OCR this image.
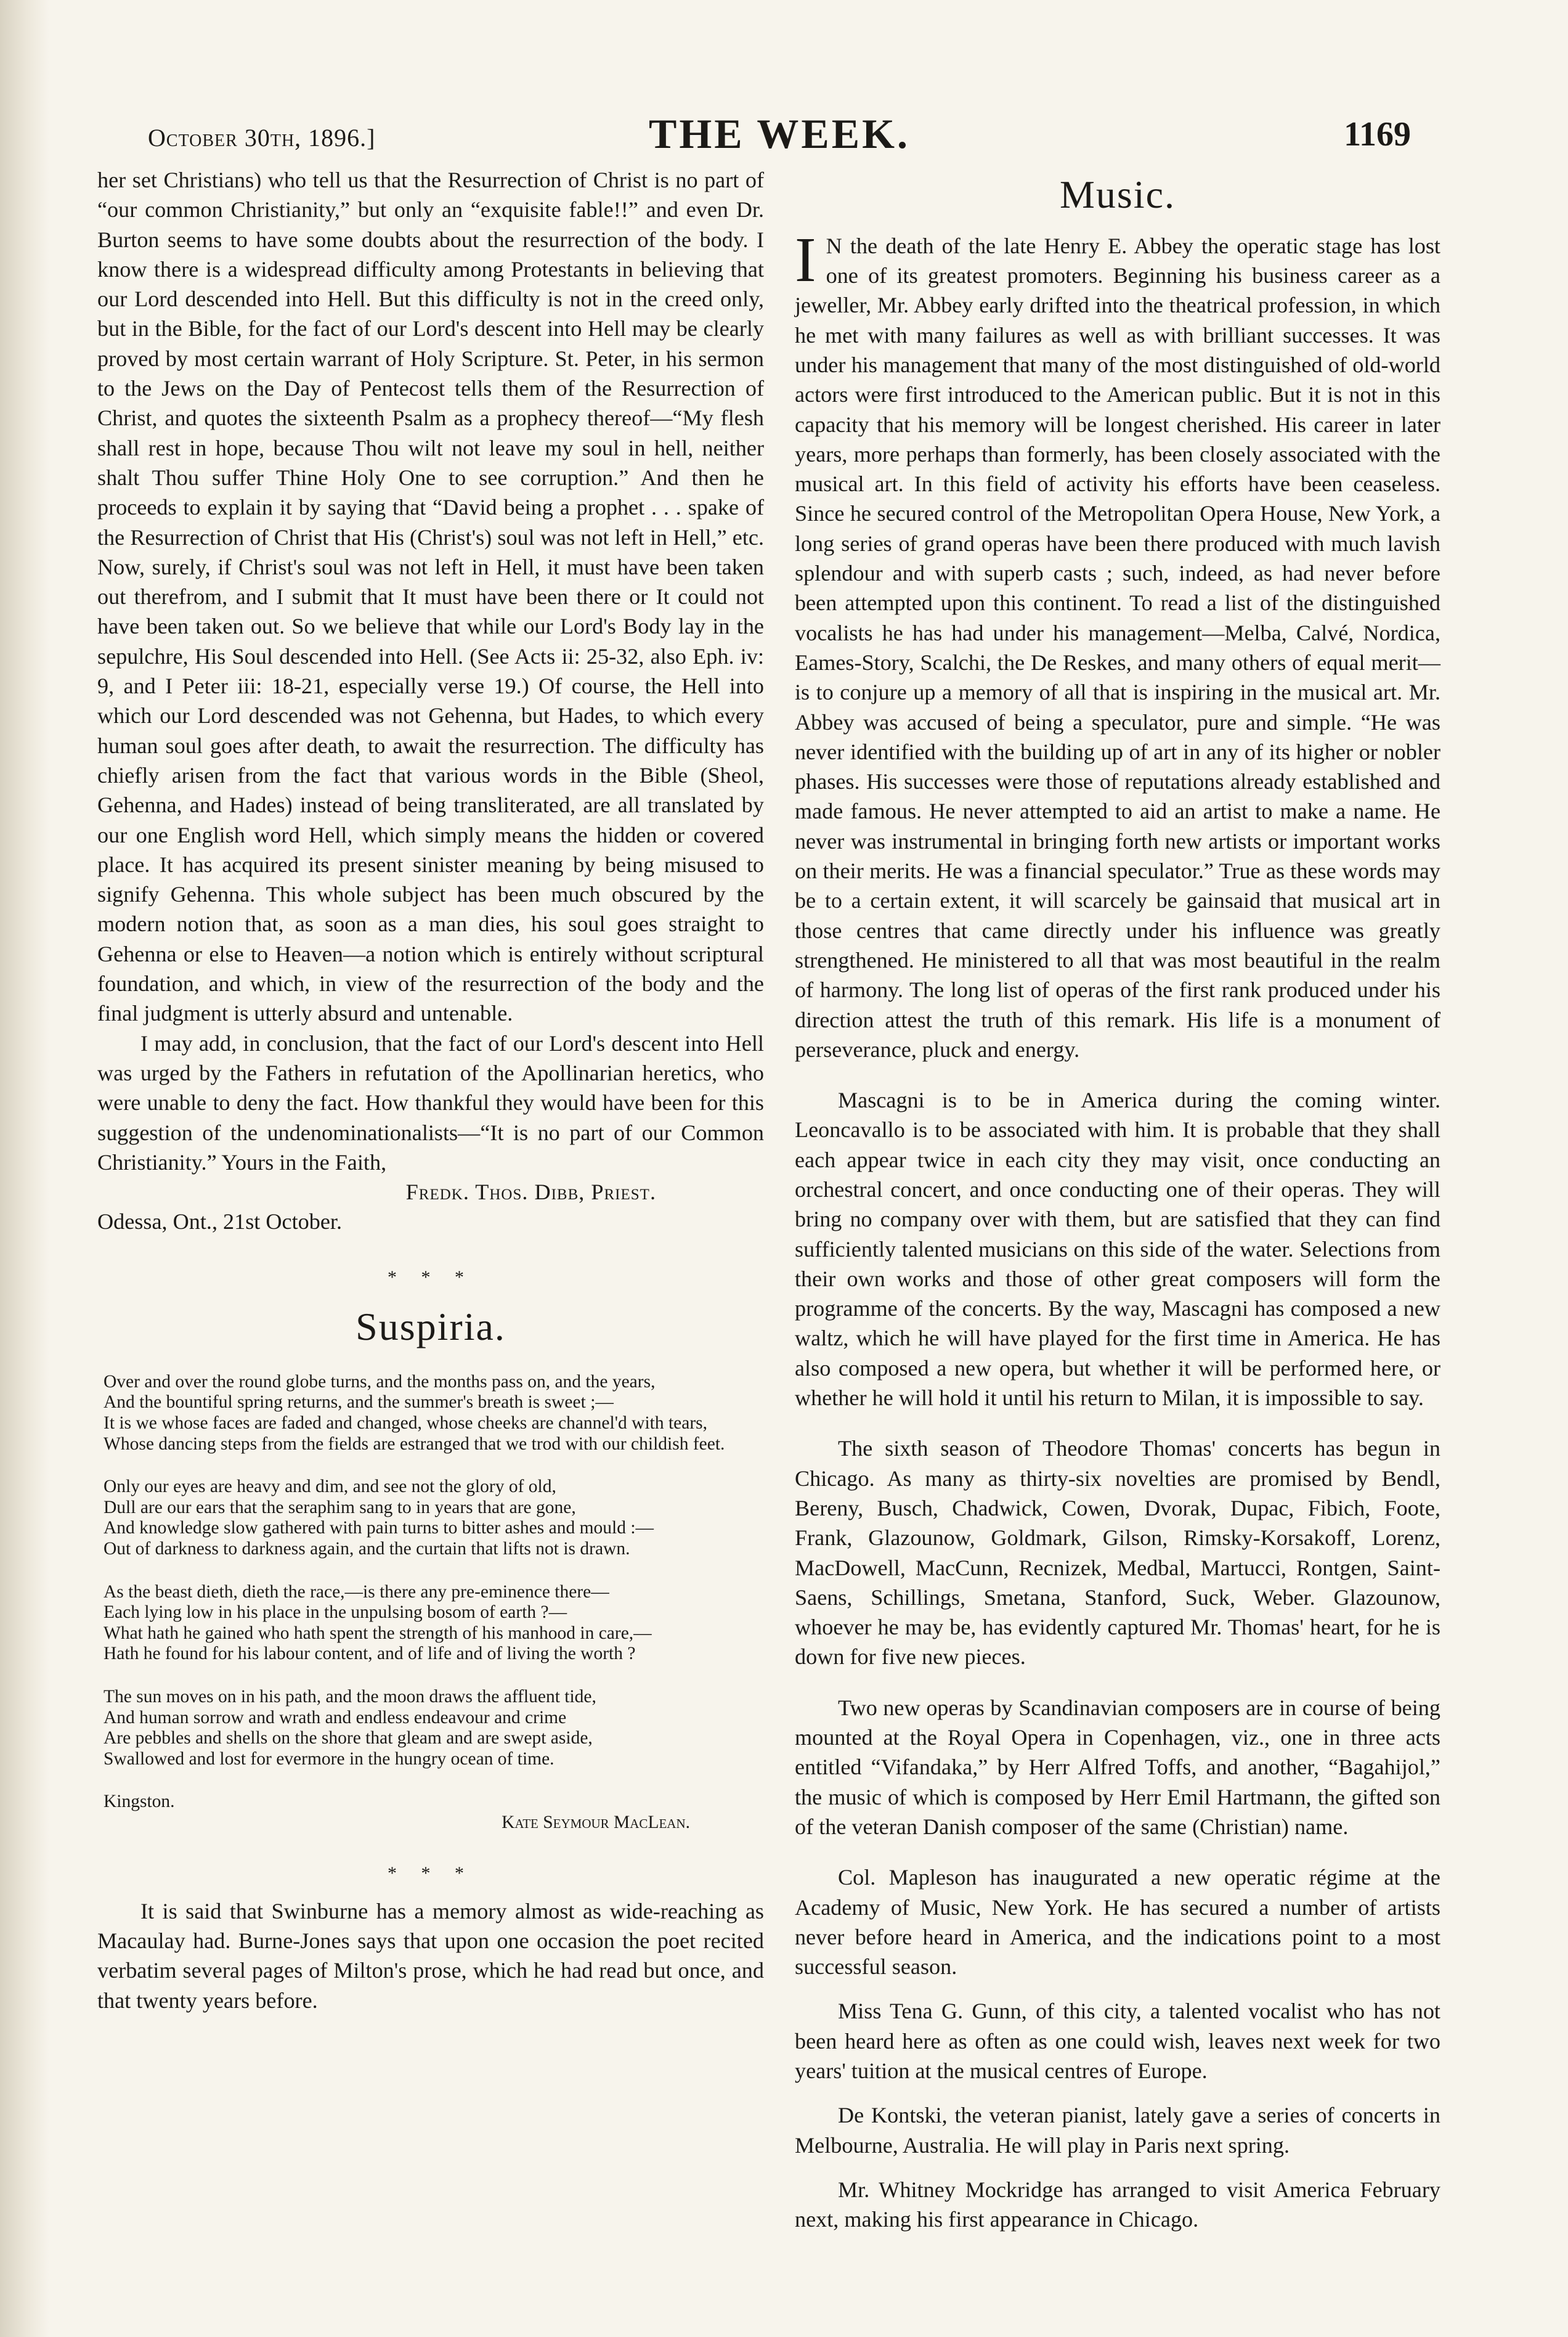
October 30th, 1896.]	THE WEEK.	1169

her set Christians) who tell us that the Resurrection of Christ is no part of “our common Christianity,” but only an “exquisite fable!!” and even Dr. Burton seems to have some doubts about the resurrection of the body. I know there is a widespread difficulty among Protestants in believing that our Lord descended into Hell. But this difficulty is not in the creed only, but in the Bible, for the fact of our Lord's descent into Hell may be clearly proved by most certain warrant of Holy Scripture. St. Peter, in his sermon to the Jews on the Day of Pentecost tells them of the Resurrection of Christ, and quotes the sixteenth Psalm as a prophecy thereof—“My flesh shall rest in hope, because Thou wilt not leave my soul in hell, neither shalt Thou suffer Thine Holy One to see corruption.” And then he proceeds to explain it by saying that “David being a prophet . . . spake of the Resurrection of Christ that His (Christ's) soul was not left in Hell,” etc. Now, surely, if Christ's soul was not left in Hell, it must have been taken out therefrom, and I submit that It must have been there or It could not have been taken out. So we believe that while our Lord's Body lay in the sepulchre, His Soul descended into Hell. (See Acts ii: 25-32, also Eph. iv: 9, and I Peter iii: 18-21, especially verse 19.) Of course, the Hell into which our Lord descended was not Gehenna, but Hades, to which every human soul goes after death, to await the resurrection. The difficulty has chiefly arisen from the fact that various words in the Bible (Sheol, Gehenna, and Hades) instead of being transliterated, are all translated by our one English word Hell, which simply means the hidden or covered place. It has acquired its present sinister meaning by being misused to signify Gehenna. This whole subject has been much obscured by the modern notion that, as soon as a man dies, his soul goes straight to Gehenna or else to Heaven—a notion which is entirely without scriptural foundation, and which, in view of the resurrection of the body and the final judgment is utterly absurd and untenable.

I may add, in conclusion, that the fact of our Lord's descent into Hell was urged by the Fathers in refutation of the Apollinarian heretics, who were unable to deny the fact. How thankful they would have been for this suggestion of the undenominationalists—“It is no part of our Common Christianity.” Yours in the Faith,

Fredk. Thos. Dibb, Priest.

Odessa, Ont., 21st October.

* * *
Suspiria.

Over and over the round globe turns, and the months pass on, and the years,

And the bountiful spring returns, and the summer's breath is sweet ;—

It is we whose faces are faded and changed, whose cheeks are channel'd with tears,

Whose dancing steps from the fields are estranged that we trod with our childish feet.

Only our eyes are heavy and dim, and see not the glory of old,

Dull are our ears that the seraphim sang to in years that are gone,

And knowledge slow gathered with pain turns to bitter ashes and mould :—

Out of darkness to darkness again, and the curtain that lifts not is drawn.

As the beast dieth, dieth the race,—is there any pre-eminence there—

Each lying low in his place in the unpulsing bosom of earth ?—

What hath he gained who hath spent the strength of his manhood in care,—

Hath he found for his labour content, and of life and of living the worth ?

The sun moves on in his path, and the moon draws the affluent tide,

And human sorrow and wrath and endless endeavour and crime

Are pebbles and shells on the shore that gleam and are swept aside,

Swallowed and lost for evermore in the hungry ocean of time.

Kingston.

Kate Seymour MacLean.

* * *

It is said that Swinburne has a memory almost as wide-reaching as Macaulay had. Burne-Jones says that upon one occasion the poet recited verbatim several pages of Milton's prose, which he had read but once, and that twenty years before.

Music.

I N the death of the late Henry E. Abbey the operatic stage has lost one of its greatest promoters. Beginning his business career as a jeweller, Mr. Abbey early drifted into the theatrical profession, in which he met with many failures as well as with brilliant successes. It was under his management that many of the most distinguished of old-world actors were first introduced to the American public. But it is not in this capacity that his memory will be longest cherished. His career in later years, more perhaps than formerly, has been closely associated with the musical art. In this field of activity his efforts have been ceaseless. Since he secured control of the Metropolitan Opera House, New York, a long series of grand operas have been there produced with much lavish splendour and with superb casts ; such, indeed, as had never before been attempted upon this continent. To read a list of the distinguished vocalists he has had under his management—Melba, Calvé, Nordica, Eames-Story, Scalchi, the De Reskes, and many others of equal merit—is to conjure up a memory of all that is inspiring in the musical art. Mr. Abbey was accused of being a speculator, pure and simple. “He was never identified with the building up of art in any of its higher or nobler phases. His successes were those of reputations already established and made famous. He never attempted to aid an artist to make a name. He never was instrumental in bringing forth new artists or important works on their merits. He was a financial speculator.” True as these words may be to a certain extent, it will scarcely be gainsaid that musical art in those centres that came directly under his influence was greatly strengthened. He ministered to all that was most beautiful in the realm of harmony. The long list of operas of the first rank produced under his direction attest the truth of this remark. His life is a monument of perseverance, pluck and energy.

Mascagni is to be in America during the coming winter. Leoncavallo is to be associated with him. It is probable that they shall each appear twice in each city they may visit, once conducting an orchestral concert, and once conducting one of their operas. They will bring no company over with them, but are satisfied that they can find sufficiently talented musicians on this side of the water. Selections from their own works and those of other great composers will form the programme of the concerts. By the way, Mascagni has composed a new waltz, which he will have played for the first time in America. He has also composed a new opera, but whether it will be performed here, or whether he will hold it until his return to Milan, it is impossible to say.

The sixth season of Theodore Thomas' concerts has begun in Chicago. As many as thirty-six novelties are promised by Bendl, Bereny, Busch, Chadwick, Cowen, Dvorak, Dupac, Fibich, Foote, Frank, Glazounow, Goldmark, Gilson, Rimsky-Korsakoff, Lorenz, MacDowell, MacCunn, Recnizek, Medbal, Martucci, Rontgen, Saint-Saens, Schillings, Smetana, Stanford, Suck, Weber. Glazounow, whoever he may be, has evidently captured Mr. Thomas' heart, for he is down for five new pieces.

Two new operas by Scandinavian composers are in course of being mounted at the Royal Opera in Copenhagen, viz., one in three acts entitled “Vifandaka,” by Herr Alfred Toffs, and another, “Bagahijol,” the music of which is composed by Herr Emil Hartmann, the gifted son of the veteran Danish composer of the same (Christian) name.

Col. Mapleson has inaugurated a new operatic régime at the Academy of Music, New York. He has secured a number of artists never before heard in America, and the indications point to a most successful season.

Miss Tena G. Gunn, of this city, a talented vocalist who has not been heard here as often as one could wish, leaves next week for two years' tuition at the musical centres of Europe.

De Kontski, the veteran pianist, lately gave a series of concerts in Melbourne, Australia. He will play in Paris next spring.

Mr. Whitney Mockridge has arranged to visit America February next, making his first appearance in Chicago.
